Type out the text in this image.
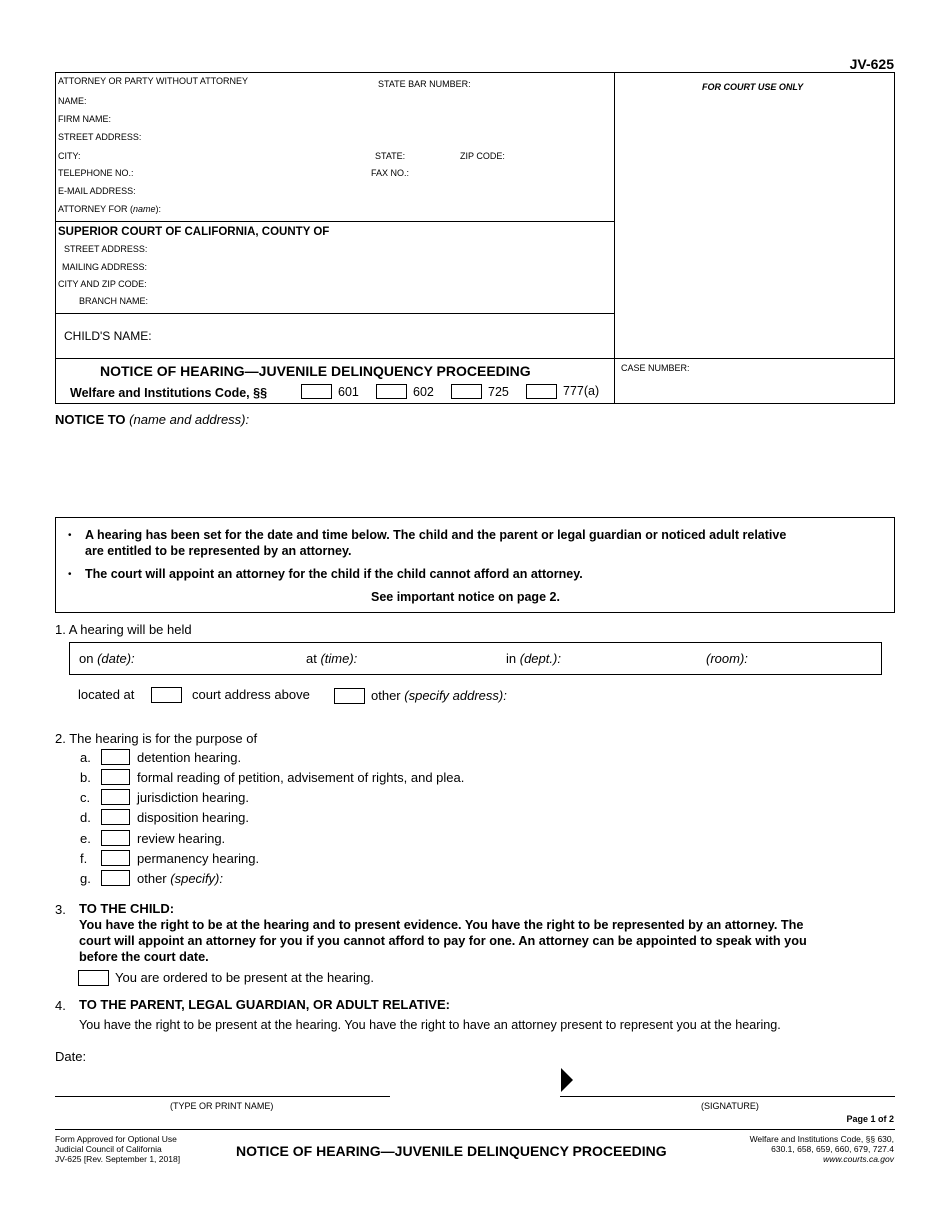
JV-625
ATTORNEY OR PARTY WITHOUT ATTORNEY	STATE BAR NUMBER:	FOR COURT USE ONLY
NAME:
FIRM NAME:
STREET ADDRESS:
CITY:	STATE:	ZIP CODE:
TELEPHONE NO.:	FAX NO.:
E-MAIL ADDRESS:
ATTORNEY FOR (name):
SUPERIOR COURT OF CALIFORNIA, COUNTY OF
STREET ADDRESS:
MAILING ADDRESS:
CITY AND ZIP CODE:
BRANCH NAME:
CHILD'S NAME:
NOTICE OF HEARING—JUVENILE DELINQUENCY PROCEEDING
Welfare and Institutions Code, §§	601	602	725	777(a)
CASE NUMBER:
NOTICE TO (name and address):
• A hearing has been set for the date and time below. The child and the parent or legal guardian or noticed adult relative
are entitled to be represented by an attorney.
• The court will appoint an attorney for the child if the child cannot afford an attorney.
See important notice on page 2.
1. A hearing will be held
on (date):	at (time):	in (dept.):	(room):
located at	court address above	other (specify address):
2. The hearing is for the purpose of
a.	detention hearing.
b.	formal reading of petition, advisement of rights, and plea.
c.	jurisdiction hearing.
d.	disposition hearing.
e.	review hearing.
f.	permanency hearing.
g.	other (specify):
3. TO THE CHILD:
You have the right to be at the hearing and to present evidence. You have the right to be represented by an attorney. The
court will appoint an attorney for you if you cannot afford to pay for one. An attorney can be appointed to speak with you
before the court date.
You are ordered to be present at the hearing.
4. TO THE PARENT, LEGAL GUARDIAN, OR ADULT RELATIVE:
You have the right to be present at the hearing. You have the right to have an attorney present to represent you at the hearing.
Date:
(TYPE OR PRINT NAME)	(SIGNATURE)
Page 1 of 2
Form Approved for Optional Use
Judicial Council of California
JV-625 [Rev. September 1, 2018]	NOTICE OF HEARING—JUVENILE DELINQUENCY PROCEEDING
Welfare and Institutions Code, §§ 630,
630.1, 658, 659, 660, 679, 727.4
www.courts.ca.gov
